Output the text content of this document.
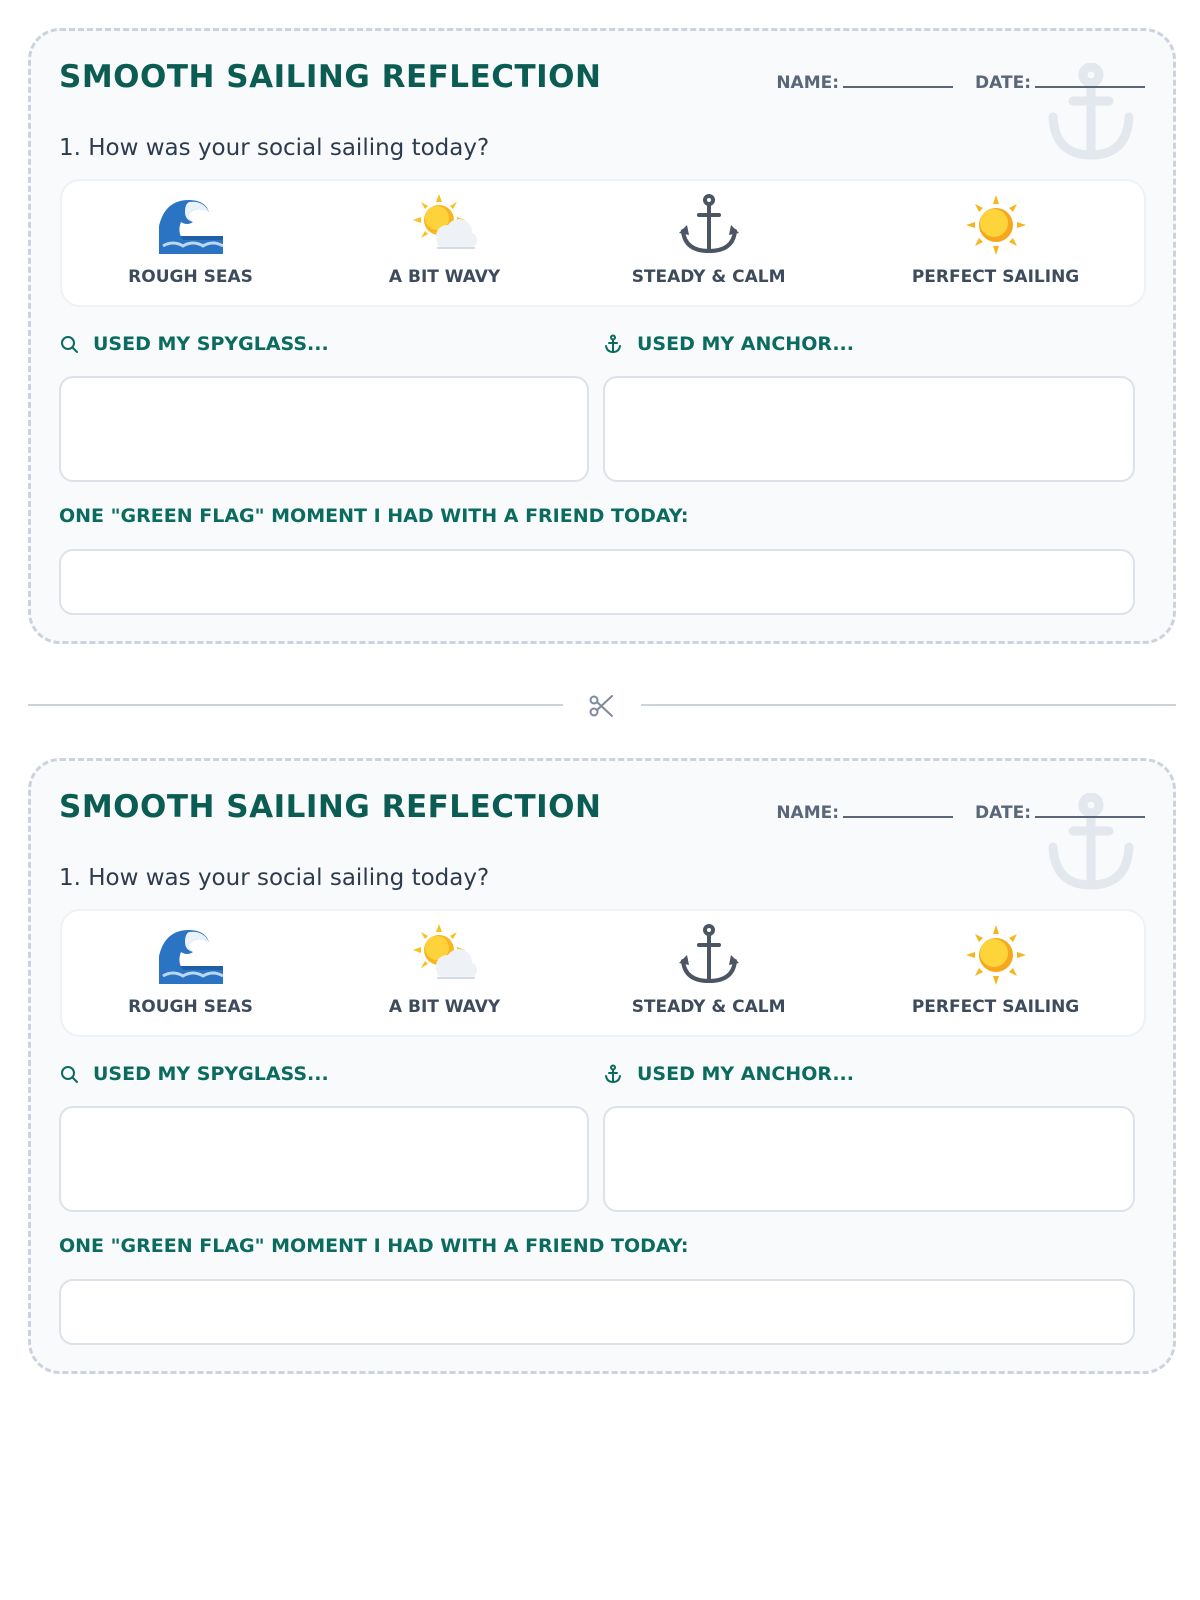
SMOOTH SAILING REFLECTION	NAME:	DATE:

1. How was your social sailing today?

ROUGH SEAS	A BIT WAVY	STEADY & CALM	PERFECT SAILING
USED MY SPYGLASS...	USED MY ANCHOR...
ONE "GREEN FLAG" MOMENT I HAD WITH A FRIEND TODAY:
SMOOTH SAILING REFLECTION	NAME:	DATE:

1. How was your social sailing today?

ROUGH SEAS	A BIT WAVY	STEADY & CALM	PERFECT SAILING
USED MY SPYGLASS...	USED MY ANCHOR...
ONE "GREEN FLAG" MOMENT I HAD WITH A FRIEND TODAY:
